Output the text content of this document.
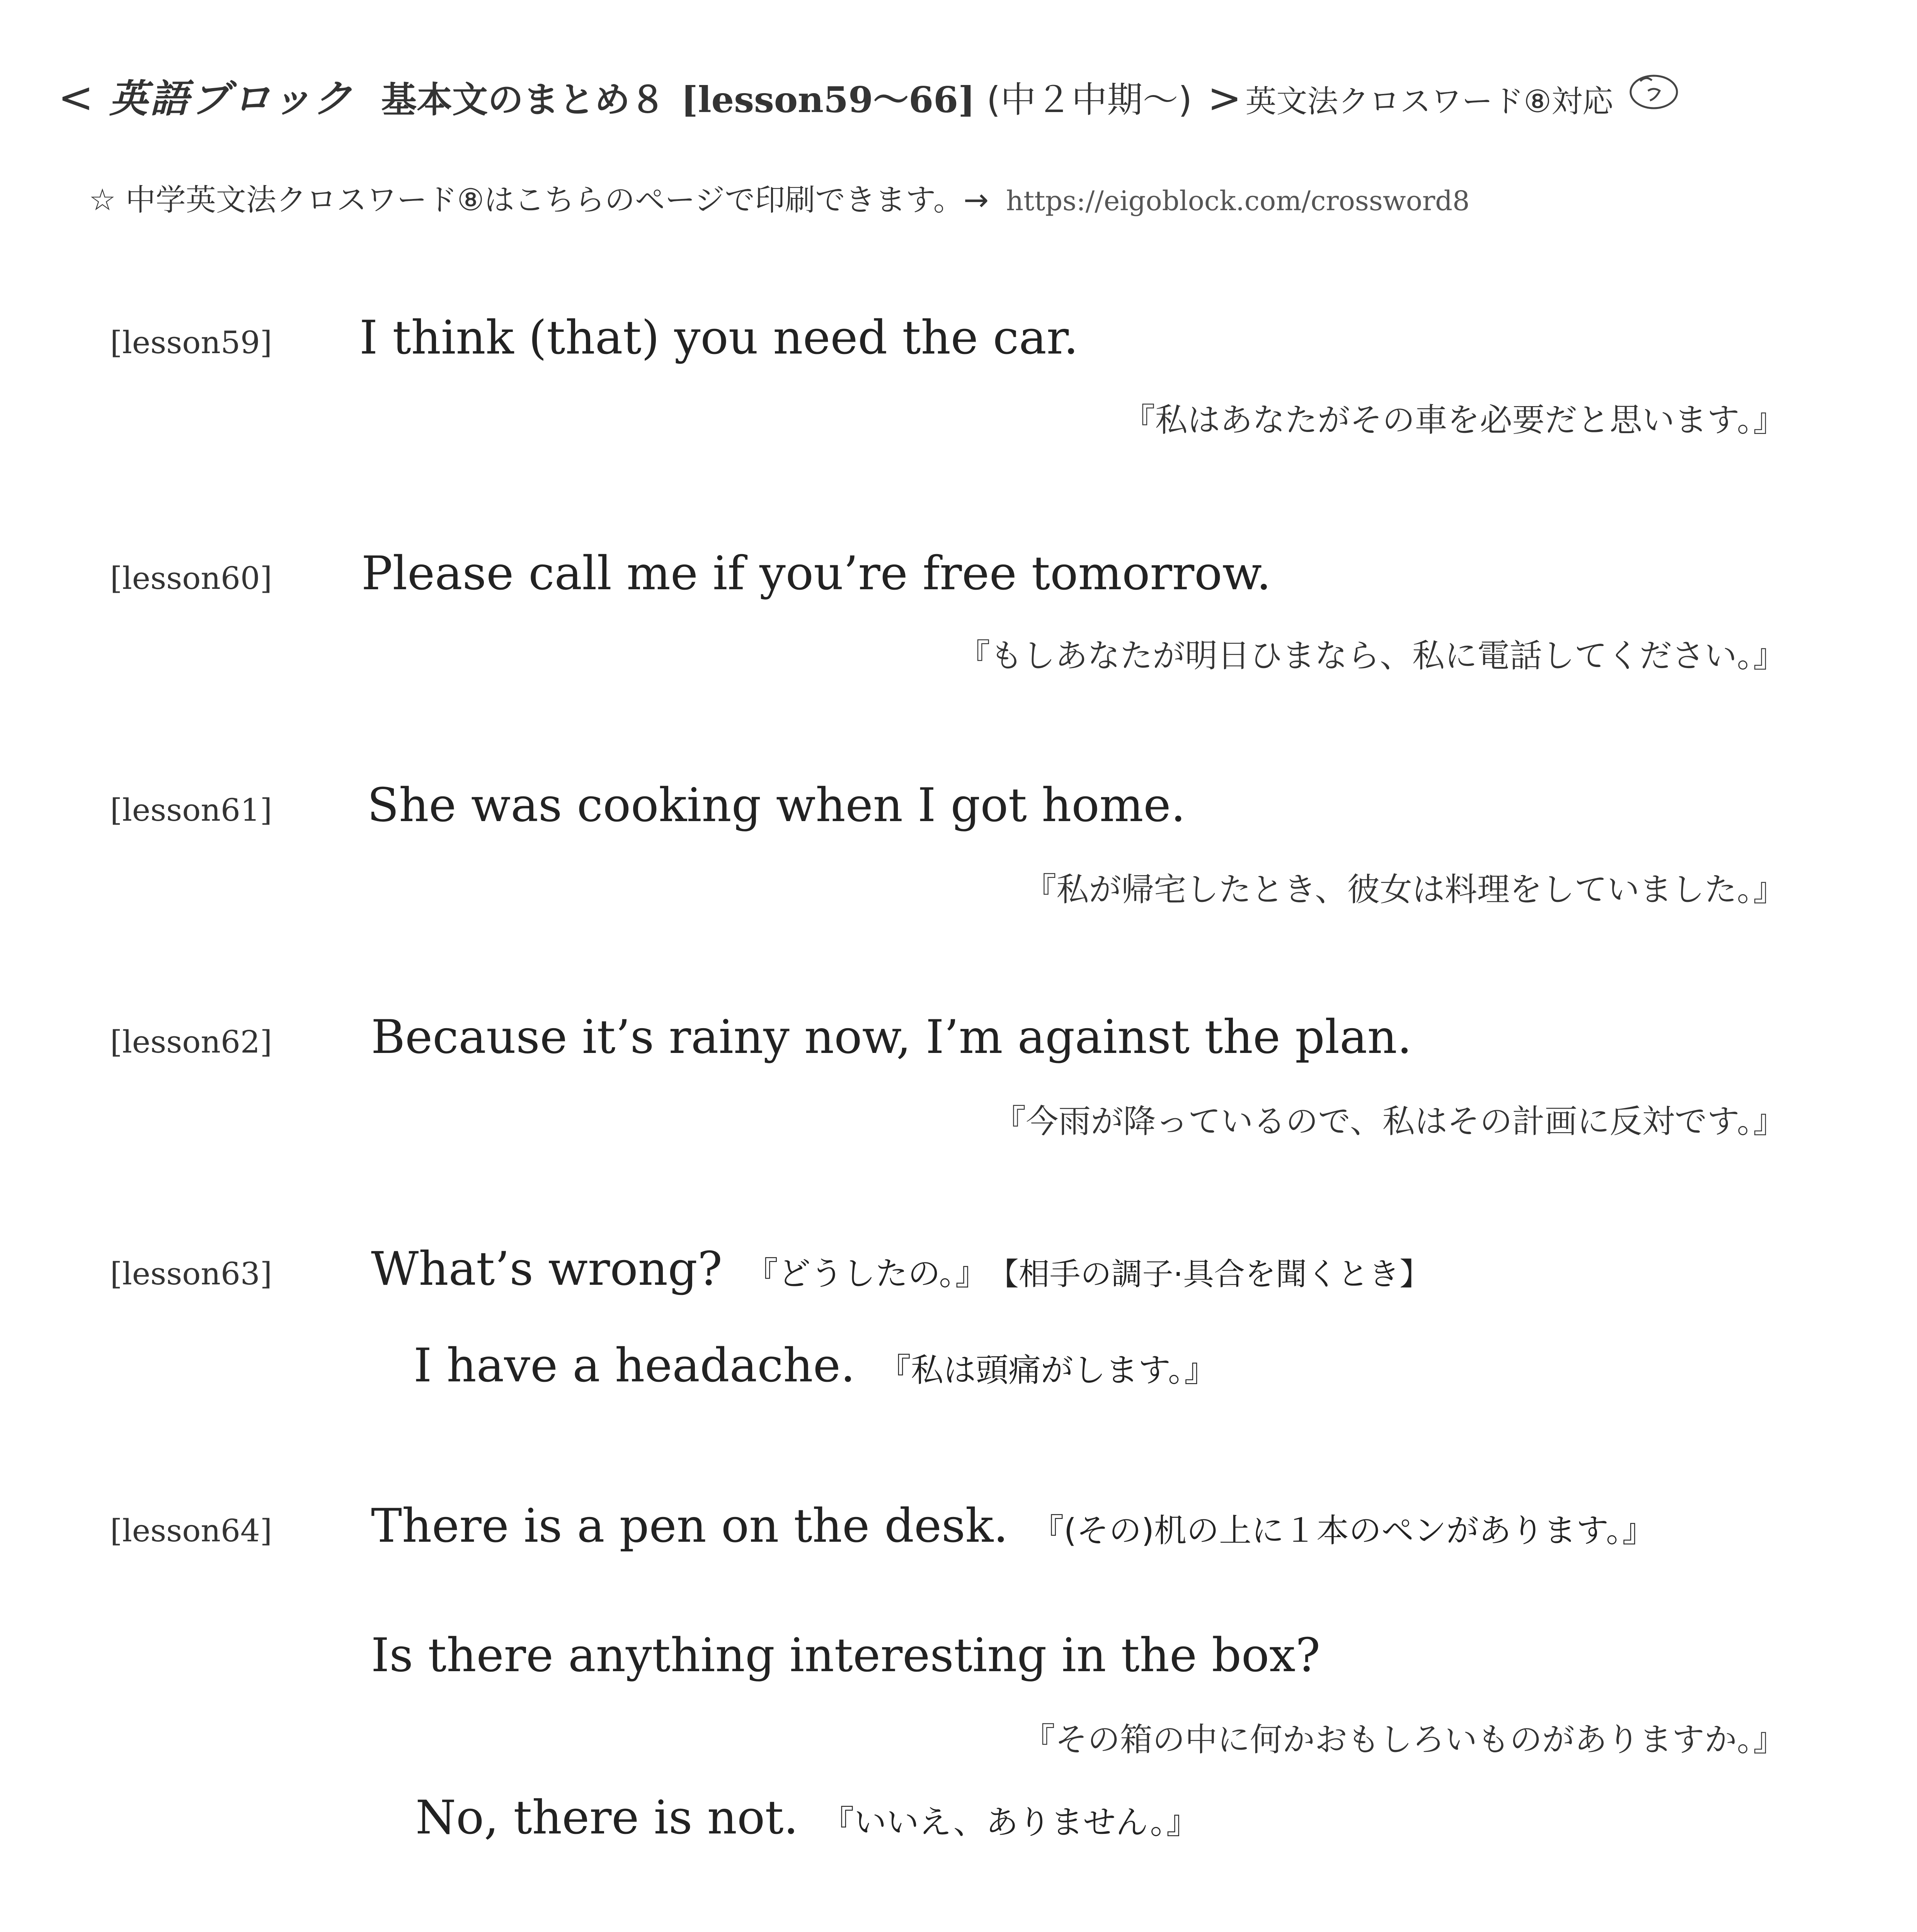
< 英語ブロック 基本文のまとめ８ [lesson59〜66] (中２中期〜) > 英文法クロスワード⑧対応
☆ 中学英文法クロスワード⑧はこちらのページで印刷できます。→ https://eigoblock.com/crossword8
[lesson59] I think (that) you need the car.
『私はあなたがその車を必要だと思います。』
[lesson60] Please call me if you’re free tomorrow.
『もしあなたが明日ひまなら、私に電話してください。』
[lesson61] She was cooking when I got home.
『私が帰宅したとき、彼女は料理をしていました。』
[lesson62] Because it’s rainy now, I’m against the plan.
『今雨が降っているので、私はその計画に反対です。』
[lesson63] What’s wrong? 『どうしたの。』 【相手の調子·具合を聞くとき】
I have a headache. 『私は頭痛がします。』
[lesson64] There is a pen on the desk. 『(その)机の上に１本のペンがあります。』
Is there anything interesting in the box?
『その箱の中に何かおもしろいものがありますか。』
No, there is not. 『いいえ、ありません。』
